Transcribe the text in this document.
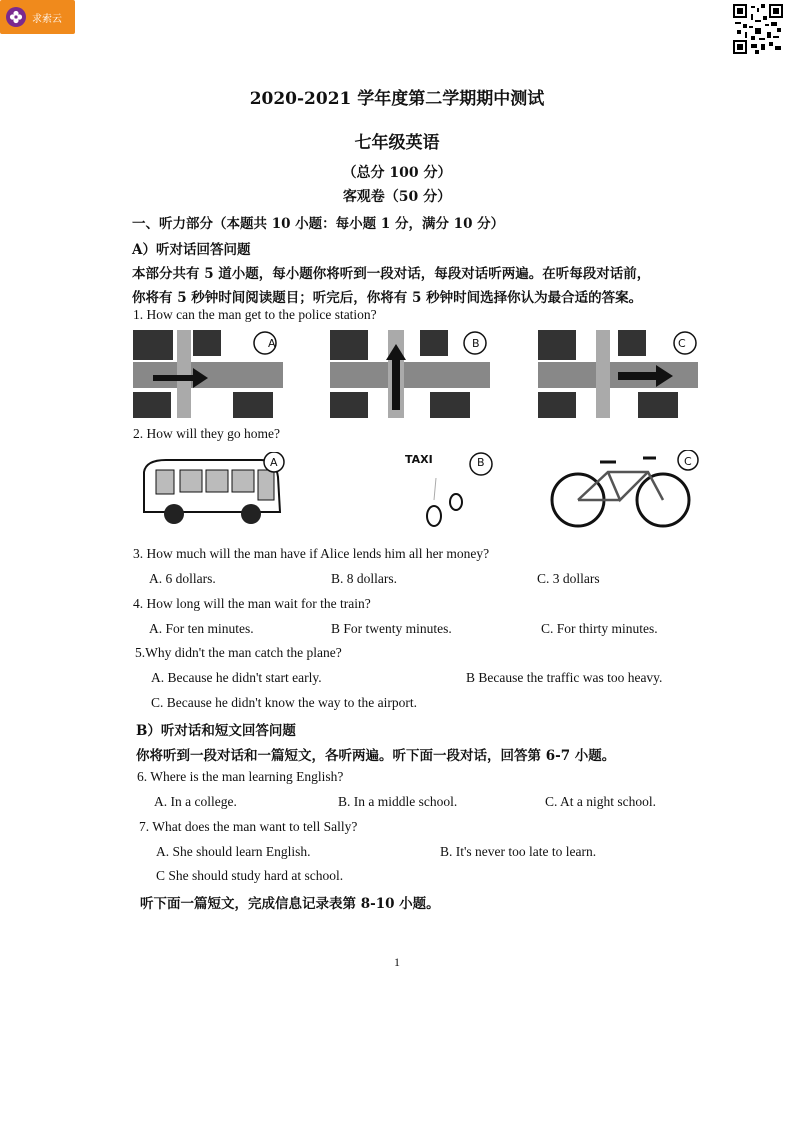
求索云
2020-2021 学年度第二学期期中测试
七年级英语
（总分 100 分）
客观卷（50 分）
一、听力部分（本题共 10 小题：每小题 1 分，满分 10 分）
A）听对话回答问题
本部分共有 5 道小题，每小题你将听到一段对话，每段对话听两遍。在听每段对话前，
你将有 5 秒钟时间阅读题目；听完后，你将有 5 秒钟时间选择你认为最合适的答案。
1. How can the man get to the police station?
A	B	C
2. How will they go home?
A	TAXI	B	C
3. How much will the man have if Alice lends him all her money?
A. 6 dollars.	B. 8 dollars.	C. 3 dollars
4. How long will the man wait for the train?
A. For ten minutes.	B For twenty minutes.	C. For thirty minutes.
5.Why didn't the man catch the plane?
A. Because he didn't start early.	B Because the traffic was too heavy.
C. Because he didn't know the way to the airport.
B）听对话和短文回答问题
你将听到一段对话和一篇短文，各听两遍。听下面一段对话，回答第 6-7 小题。
6. Where is the man learning English?
A. In a college.	B. In a middle school.	C. At a night school.
7. What does the man want to tell Sally?
A. She should learn English.	B. It's never too late to learn.
C She should study hard at school.
听下面一篇短文，完成信息记录表第 8-10 小题。
1
